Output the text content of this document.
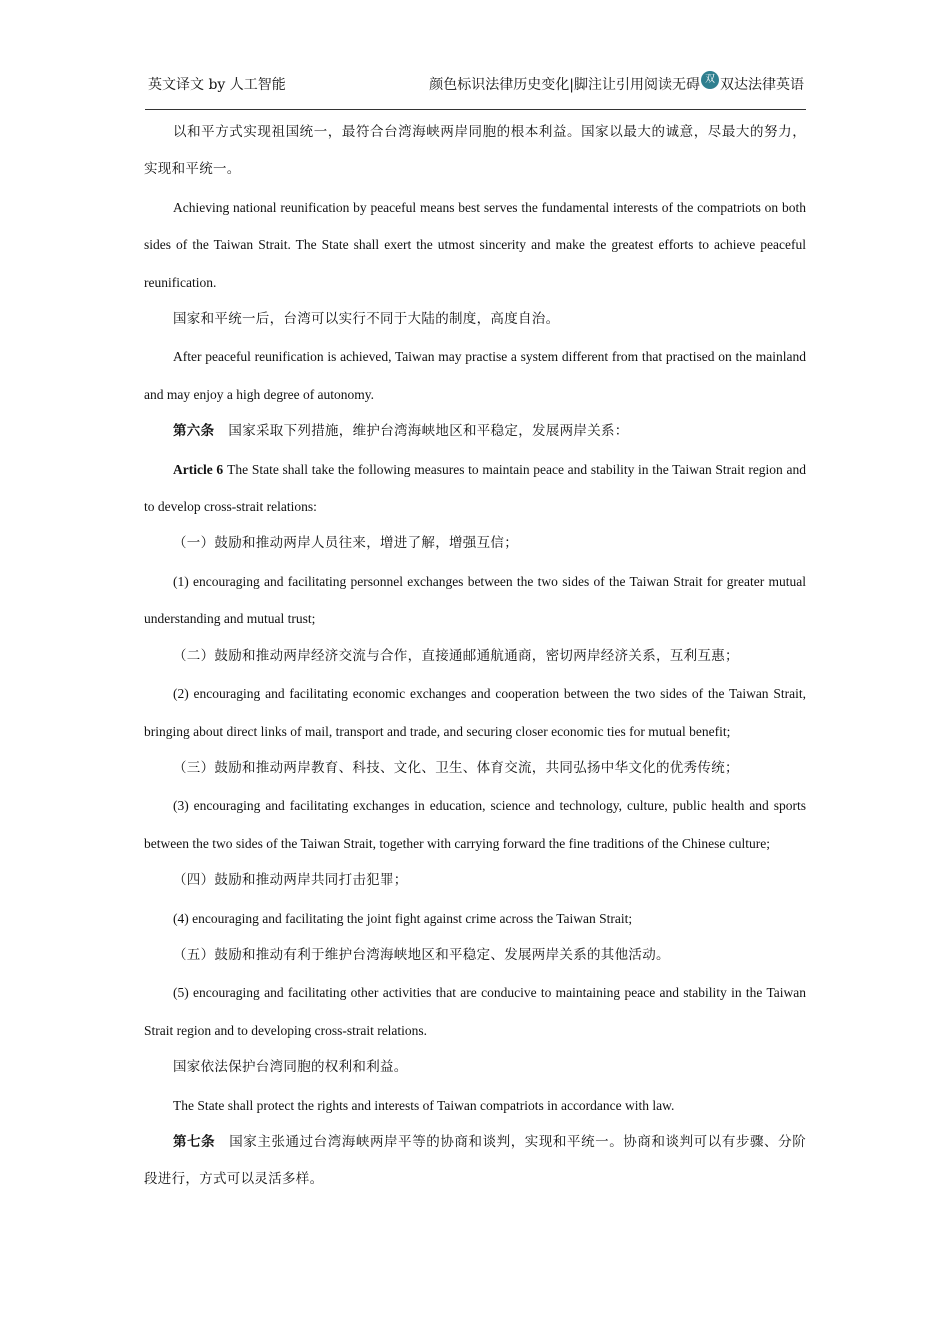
英文译文 by 人工智能	颜色标识法律历史变化|脚注让引用阅读无碍 双 双达法律英语

以和平方式实现祖国统一，最符合台湾海峡两岸同胞的根本利益。国家以最大的诚意，尽最大的努力，实现和平统一。

Achieving national reunification by peaceful means best serves the fundamental interests of the compatriots on both sides of the Taiwan Strait. The State shall exert the utmost sincerity and make the greatest efforts to achieve peaceful reunification.

国家和平统一后，台湾可以实行不同于大陆的制度，高度自治。

After peaceful reunification is achieved, Taiwan may practise a system different from that practised on the mainland and may enjoy a high degree of autonomy.

第六条 国家采取下列措施，维护台湾海峡地区和平稳定，发展两岸关系：

Article 6 The State shall take the following measures to maintain peace and stability in the Taiwan Strait region and to develop cross-strait relations:

（一）鼓励和推动两岸人员往来，增进了解，增强互信；

(1) encouraging and facilitating personnel exchanges between the two sides of the Taiwan Strait for greater mutual understanding and mutual trust;

（二）鼓励和推动两岸经济交流与合作，直接通邮通航通商，密切两岸经济关系，互利互惠；

(2) encouraging and facilitating economic exchanges and cooperation between the two sides of the Taiwan Strait, bringing about direct links of mail, transport and trade, and securing closer economic ties for mutual benefit;

（三）鼓励和推动两岸教育、科技、文化、卫生、体育交流，共同弘扬中华文化的优秀传统；

(3) encouraging and facilitating exchanges in education, science and technology, culture, public health and sports between the two sides of the Taiwan Strait, together with carrying forward the fine traditions of the Chinese culture;

（四）鼓励和推动两岸共同打击犯罪；

(4) encouraging and facilitating the joint fight against crime across the Taiwan Strait;

（五）鼓励和推动有利于维护台湾海峡地区和平稳定、发展两岸关系的其他活动。

(5) encouraging and facilitating other activities that are conducive to maintaining peace and stability in the Taiwan Strait region and to developing cross-strait relations.

国家依法保护台湾同胞的权利和利益。

The State shall protect the rights and interests of Taiwan compatriots in accordance with law.

第七条 国家主张通过台湾海峡两岸平等的协商和谈判，实现和平统一。协商和谈判可以有步骤、分阶段进行，方式可以灵活多样。
